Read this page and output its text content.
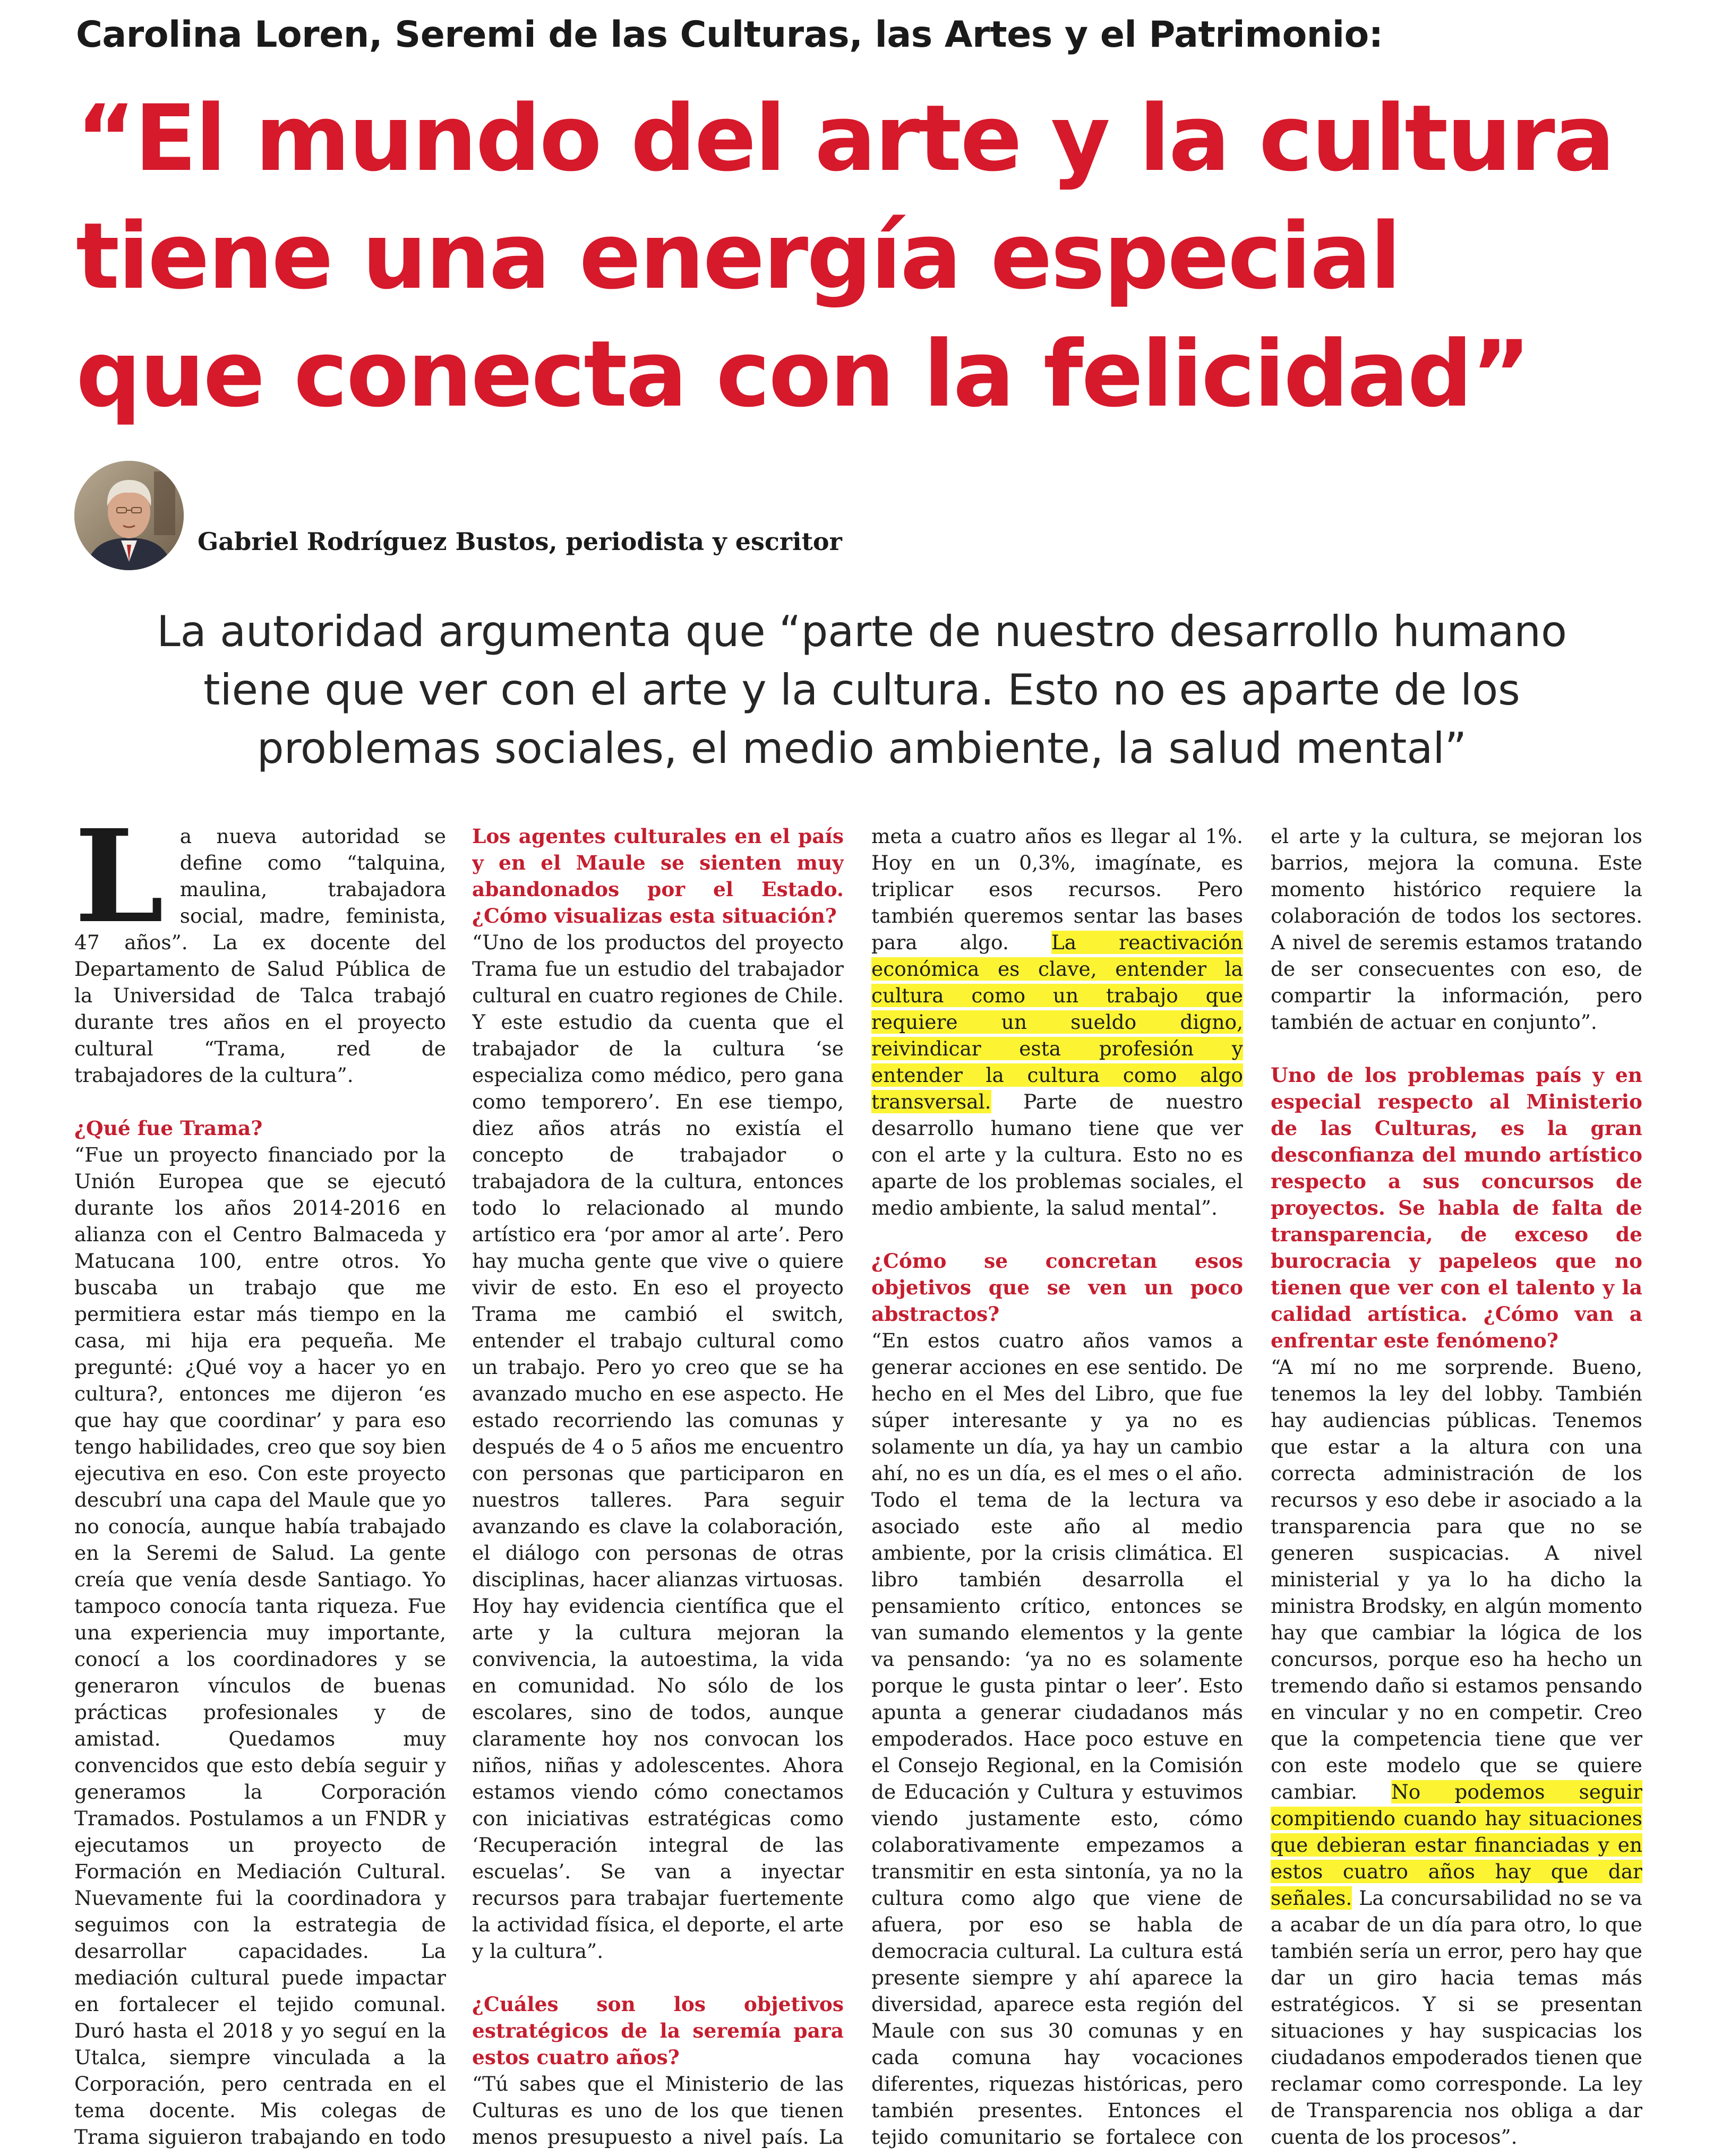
Carolina Loren, Seremi de las Culturas, las Artes y el Patrimonio:
“El mundo del arte y la cultura
tiene una energía especial
que conecta con la felicidad”
Gabriel Rodríguez Bustos, periodista y escritor
La autoridad argumenta que “parte de nuestro desarrollo humano
tiene que ver con el arte y la cultura. Esto no es aparte de los
problemas sociales, el medio ambiente, la salud mental”

La nueva autoridad se define como “talquina, maulina, trabajadora social, madre, feminista, 47 años”. La ex docente del Departamento de Salud Pública de la Universidad de Talca trabajó durante tres años en el proyecto cultural “Trama, red de trabajadores de la cultura”.

¿Qué fue Trama?

“Fue un proyecto financiado por la Unión Europea que se ejecutó durante los años 2014-2016 en alianza con el Centro Balmaceda y Matucana 100, entre otros. Yo buscaba un trabajo que me permitiera estar más tiempo en la casa, mi hija era pequeña. Me pregunté: ¿Qué voy a hacer yo en cultura?, entonces me dijeron ‘es que hay que coordinar’ y para eso tengo habilidades, creo que soy bien ejecutiva en eso. Con este proyecto descubrí una capa del Maule que yo no conocía, aunque había trabajado en la Seremi de Salud. La gente creía que venía desde Santiago. Yo tampoco conocía tanta riqueza. Fue una experiencia muy importante, conocí a los coordinadores y se generaron vínculos de buenas prácticas profesionales y de amistad. Quedamos muy convencidos que esto debía seguir y generamos la Corporación Tramados. Postulamos a un FNDR y ejecutamos un proyecto de Formación en Mediación Cultural. Nuevamente fui la coordinadora y seguimos con la estrategia de desarrollar capacidades. La mediación cultural puede impactar en fortalecer el tejido comunal. Duró hasta el 2018 y yo seguí en la Utalca, siempre vinculada a la Corporación, pero centrada en el tema docente. Mis colegas de Trama siguieron trabajando en todo

Los agentes culturales en el país y en el Maule se sienten muy abandonados por el Estado. ¿Cómo visualizas esta situación?

“Uno de los productos del proyecto Trama fue un estudio del trabajador cultural en cuatro regiones de Chile. Y este estudio da cuenta que el trabajador de la cultura ‘se especializa como médico, pero gana como temporero’. En ese tiempo, diez años atrás no existía el concepto de trabajador o trabajadora de la cultura, entonces todo lo relacionado al mundo artístico era ‘por amor al arte’. Pero hay mucha gente que vive o quiere vivir de esto. En eso el proyecto Trama me cambió el switch, entender el trabajo cultural como un trabajo. Pero yo creo que se ha avanzado mucho en ese aspecto. He estado recorriendo las comunas y después de 4 o 5 años me encuentro con personas que participaron en nuestros talleres. Para seguir avanzando es clave la colaboración, el diálogo con personas de otras disciplinas, hacer alianzas virtuosas. Hoy hay evidencia científica que el arte y la cultura mejoran la convivencia, la autoestima, la vida en comunidad. No sólo de los escolares, sino de todos, aunque claramente hoy nos convocan los niños, niñas y adolescentes. Ahora estamos viendo cómo conectamos con iniciativas estratégicas como ‘Recuperación integral de las escuelas’. Se van a inyectar recursos para trabajar fuertemente la actividad física, el deporte, el arte y la cultura”.

¿Cuáles son los objetivos estratégicos de la seremía para estos cuatro años?

“Tú sabes que el Ministerio de las Culturas es uno de los que tienen menos presupuesto a nivel país. La

meta a cuatro años es llegar al 1%. Hoy en un 0,3%, imagínate, es triplicar esos recursos. Pero también queremos sentar las bases para algo. La reactivación económica es clave, entender la cultura como un trabajo que requiere un sueldo digno, reivindicar esta profesión y entender la cultura como algo transversal. Parte de nuestro desarrollo humano tiene que ver con el arte y la cultura. Esto no es aparte de los problemas sociales, el medio ambiente, la salud mental”.

¿Cómo se concretan esos objetivos que se ven un poco abstractos?

“En estos cuatro años vamos a generar acciones en ese sentido. De hecho en el Mes del Libro, que fue súper interesante y ya no es solamente un día, ya hay un cambio ahí, no es un día, es el mes o el año. Todo el tema de la lectura va asociado este año al medio ambiente, por la crisis climática. El libro también desarrolla el pensamiento crítico, entonces se van sumando elementos y la gente va pensando: ‘ya no es solamente porque le gusta pintar o leer’. Esto apunta a generar ciudadanos más empoderados. Hace poco estuve en el Consejo Regional, en la Comisión de Educación y Cultura y estuvimos viendo justamente esto, cómo colaborativamente empezamos a transmitir en esta sintonía, ya no la cultura como algo que viene de afuera, por eso se habla de democracia cultural. La cultura está presente siempre y ahí aparece la diversidad, aparece esta región del Maule con sus 30 comunas y en cada comuna hay vocaciones diferentes, riquezas históricas, pero también presentes. Entonces el tejido comunitario se fortalece con

el arte y la cultura, se mejoran los barrios, mejora la comuna. Este momento histórico requiere la colaboración de todos los sectores. A nivel de seremis estamos tratando de ser consecuentes con eso, de compartir la información, pero también de actuar en conjunto”.

Uno de los problemas país y en especial respecto al Ministerio de las Culturas, es la gran desconfianza del mundo artístico respecto a sus concursos de proyectos. Se habla de falta de transparencia, de exceso de burocracia y papeleos que no tienen que ver con el talento y la calidad artística. ¿Cómo van a enfrentar este fenómeno?

“A mí no me sorprende. Bueno, tenemos la ley del lobby. También hay audiencias públicas. Tenemos que estar a la altura con una correcta administración de los recursos y eso debe ir asociado a la transparencia para que no se generen suspicacias. A nivel ministerial y ya lo ha dicho la ministra Brodsky, en algún momento hay que cambiar la lógica de los concursos, porque eso ha hecho un tremendo daño si estamos pensando en vincular y no en competir. Creo que la competencia tiene que ver con este modelo que se quiere cambiar. No podemos seguir compitiendo cuando hay situaciones que debieran estar financiadas y en estos cuatro años hay que dar señales. La concursabilidad no se va a acabar de un día para otro, lo que también sería un error, pero hay que dar un giro hacia temas más estratégicos. Y si se presentan situaciones y hay suspicacias los ciudadanos empoderados tienen que reclamar como corresponde. La ley de Transparencia nos obliga a dar cuenta de los procesos”.
